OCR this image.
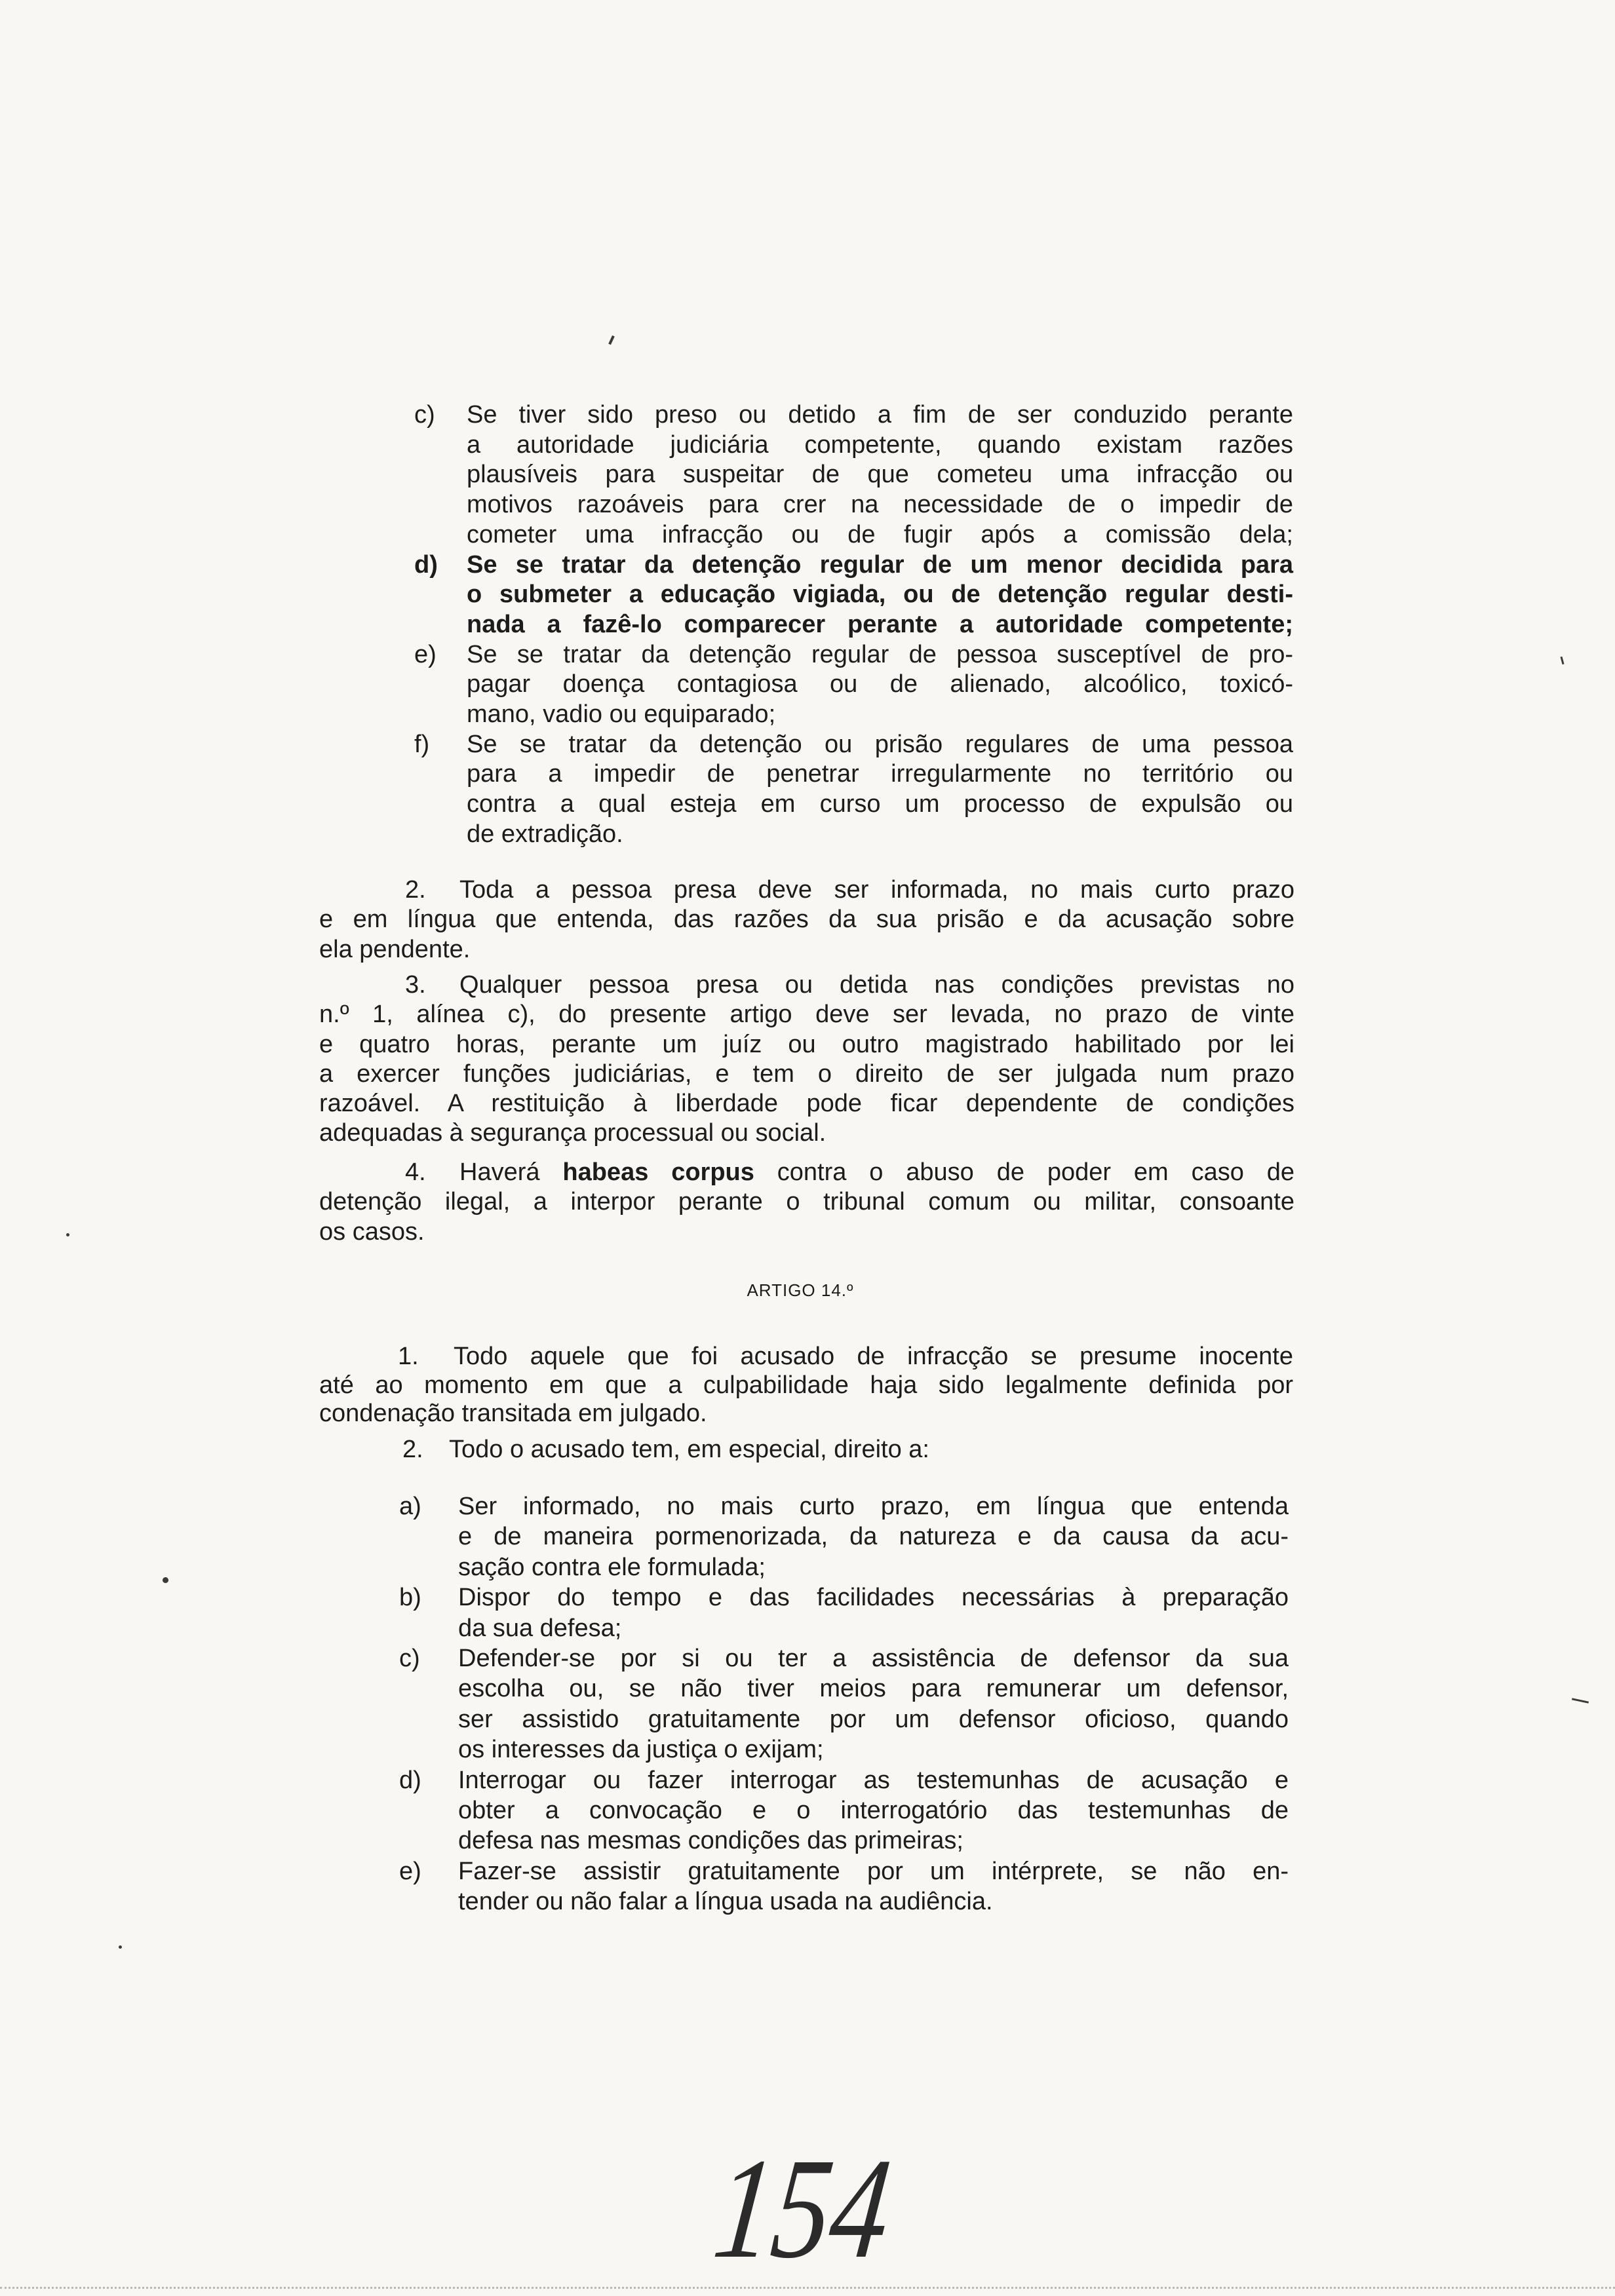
c) Se tiver sido preso ou detido a fim de ser conduzido perante
a autoridade judiciária competente, quando existam razões
plausíveis para suspeitar de que cometeu uma infracção ou
motivos razoáveis para crer na necessidade de o impedir de
cometer uma infracção ou de fugir após a comissão dela;
d) Se se tratar da detenção regular de um menor decidida para
o submeter a educação vigiada, ou de detenção regular desti-
nada a fazê-lo comparecer perante a autoridade competente;
e) Se se tratar da detenção regular de pessoa susceptível de pro-
pagar doença contagiosa ou de alienado, alcoólico, toxicó-
mano, vadio ou equiparado;
f) Se se tratar da detenção ou prisão regulares de uma pessoa
para a impedir de penetrar irregularmente no território ou
contra a qual esteja em curso um processo de expulsão ou
de extradição.
2. Toda a pessoa presa deve ser informada, no mais curto prazo
e em língua que entenda, das razões da sua prisão e da acusação sobre
ela pendente.
3. Qualquer pessoa presa ou detida nas condições previstas no
n.º 1, alínea c), do presente artigo deve ser levada, no prazo de vinte
e quatro horas, perante um juíz ou outro magistrado habilitado por lei
a exercer funções judiciárias, e tem o direito de ser julgada num prazo
razoável. A restituição à liberdade pode ficar dependente de condições
adequadas à segurança processual ou social.
4. Haverá habeas corpus contra o abuso de poder em caso de
detenção ilegal, a interpor perante o tribunal comum ou militar, consoante
os casos.
ARTIGO 14.º
1. Todo aquele que foi acusado de infracção se presume inocente
até ao momento em que a culpabilidade haja sido legalmente definida por
condenação transitada em julgado.
2. Todo o acusado tem, em especial, direito a:
a) Ser informado, no mais curto prazo, em língua que entenda
e de maneira pormenorizada, da natureza e da causa da acu-
sação contra ele formulada;
b) Dispor do tempo e das facilidades necessárias à preparação
da sua defesa;
c) Defender-se por si ou ter a assistência de defensor da sua
escolha ou, se não tiver meios para remunerar um defensor,
ser assistido gratuitamente por um defensor oficioso, quando
os interesses da justiça o exijam;
d) Interrogar ou fazer interrogar as testemunhas de acusação e
obter a convocação e o interrogatório das testemunhas de
defesa nas mesmas condições das primeiras;
e) Fazer-se assistir gratuitamente por um intérprete, se não en-
tender ou não falar a língua usada na audiência.
154
